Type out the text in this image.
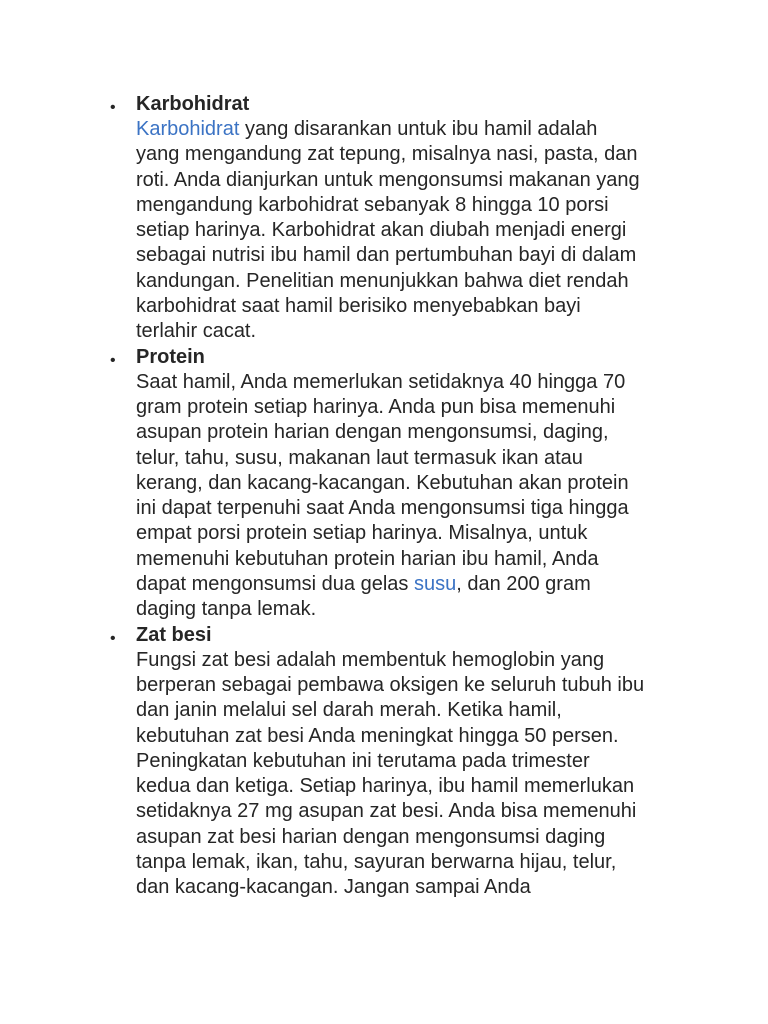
• Karbohidrat

Karbohidrat yang disarankan untuk ibu hamil adalah
yang mengandung zat tepung, misalnya nasi, pasta, dan
roti. Anda dianjurkan untuk mengonsumsi makanan yang
mengandung karbohidrat sebanyak 8 hingga 10 porsi
setiap harinya. Karbohidrat akan diubah menjadi energi
sebagai nutrisi ibu hamil dan pertumbuhan bayi di dalam
kandungan. Penelitian menunjukkan bahwa diet rendah
karbohidrat saat hamil berisiko menyebabkan bayi
terlahir cacat.

• Protein

Saat hamil, Anda memerlukan setidaknya 40 hingga 70
gram protein setiap harinya. Anda pun bisa memenuhi
asupan protein harian dengan mengonsumsi, daging,
telur, tahu, susu, makanan laut termasuk ikan atau
kerang, dan kacang-kacangan. Kebutuhan akan protein
ini dapat terpenuhi saat Anda mengonsumsi tiga hingga
empat porsi protein setiap harinya. Misalnya, untuk
memenuhi kebutuhan protein harian ibu hamil, Anda
dapat mengonsumsi dua gelas susu, dan 200 gram
daging tanpa lemak.

• Zat besi

Fungsi zat besi adalah membentuk hemoglobin yang
berperan sebagai pembawa oksigen ke seluruh tubuh ibu
dan janin melalui sel darah merah. Ketika hamil,
kebutuhan zat besi Anda meningkat hingga 50 persen.
Peningkatan kebutuhan ini terutama pada trimester
kedua dan ketiga. Setiap harinya, ibu hamil memerlukan
setidaknya 27 mg asupan zat besi. Anda bisa memenuhi
asupan zat besi harian dengan mengonsumsi daging
tanpa lemak, ikan, tahu, sayuran berwarna hijau, telur,
dan kacang-kacangan. Jangan sampai Anda
